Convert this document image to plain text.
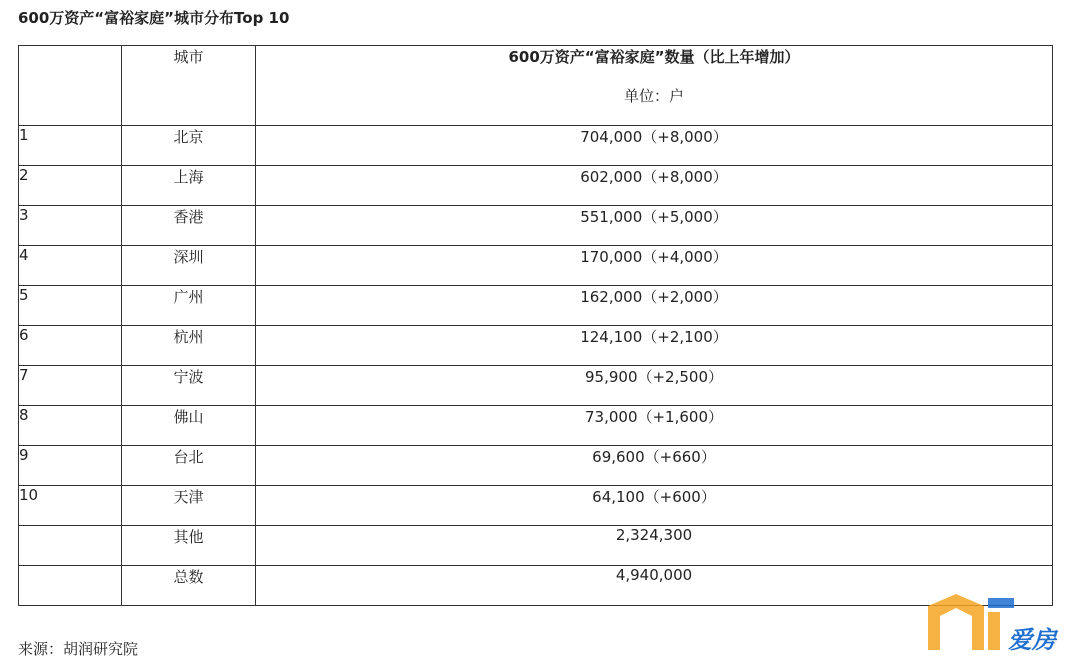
600万资产“富裕家庭”城市分布Top 10
	城市	600万资产“富裕家庭”数量（比上年增加）
单位：户

1	北京	704,000（+8,000）
2	上海	602,000（+8,000）
3	香港	551,000（+5,000）
4	深圳	170,000（+4,000）
5	广州	162,000（+2,000）
6	杭州	124,100（+2,100）
7	宁波	95,900（+2,500）
8	佛山	73,000（+1,600）
9	台北	69,600（+660）
10	天津	64,100（+600）
	其他	2,324,300
	总数	4,940,000
来源：胡润研究院	爱房
